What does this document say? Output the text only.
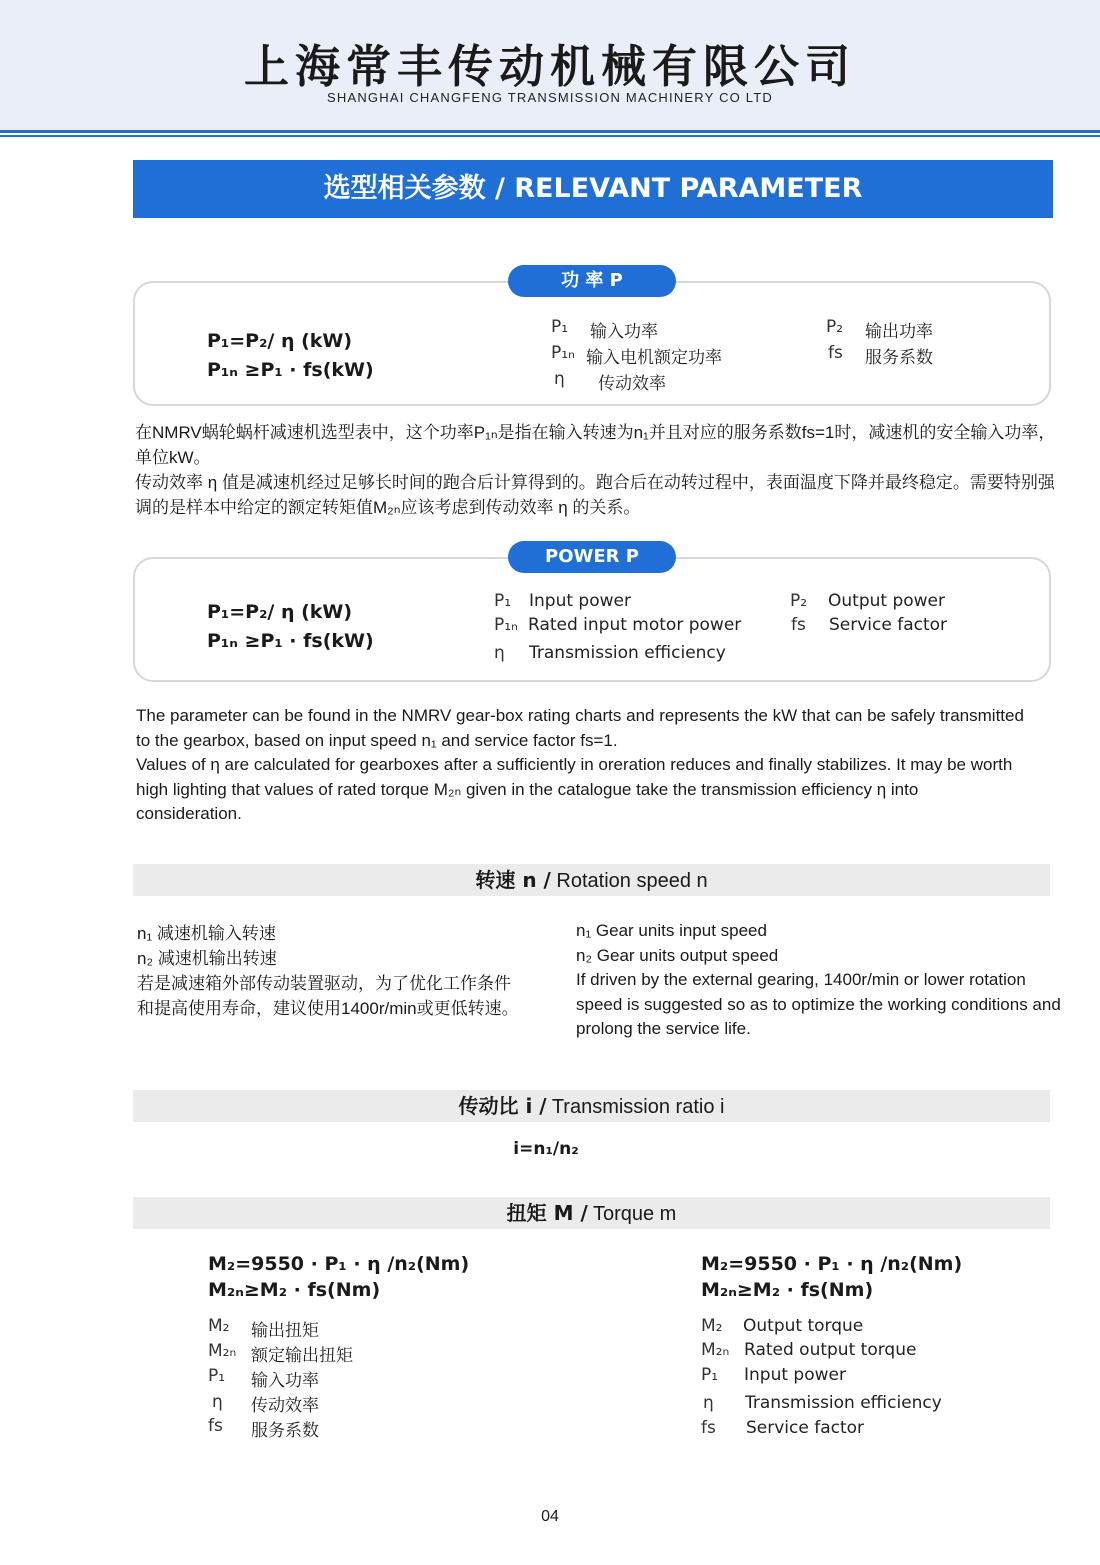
上海常丰传动机械有限公司
SHANGHAI CHANGFENG TRANSMISSION MACHINERY CO LTD
选型相关参数 / RELEVANT PARAMETER
功 率 P
P₁=P₂/ η (kW)
P₁ₙ ≥P₁ · fs(kW)
P₁ 输入功率
P₁ₙ 输入电机额定功率
η 传动效率
P₂ 输出功率
fs 服务系数

在NMRV蜗轮蜗杆减速机选型表中，这个功率P₁ₙ是指在输入转速为n₁并且对应的服务系数fs=1时，减速机的安全输入功率，单位kW。

传动效率 η 值是减速机经过足够长时间的跑合后计算得到的。跑合后在动转过程中，表面温度下降并最终稳定。需要特别强调的是样本中给定的额定转矩值M₂ₙ应该考虑到传动效率 η 的关系。

POWER P
P₁=P₂/ η (kW)
P₁ₙ ≥P₁ · fs(kW)
P₁ Input power
P₁ₙ Rated input motor power
η Transmission efficiency
P₂ Output power
fs Service factor

The parameter can be found in the NMRV gear-box rating charts and represents the kW that can be safely transmitted to the gearbox, based on input speed n₁ and service factor fs=1.

Values of η are calculated for gearboxes after a sufficiently in oreration reduces and finally stabilizes. It may be worth high lighting that values of rated torque M₂ₙ given in the catalogue take the transmission efficiency η into consideration.

转速 n / Rotation speed n

n₁ 减速机输入转速

n₂ 减速机输出转速

若是减速箱外部传动装置驱动，为了优化工作条件

和提高使用寿命，建议使用1400r/min或更低转速。

n₁ Gear units input speed

n₂ Gear units output speed

If driven by the external gearing, 1400r/min or lower rotation speed is suggested so as to optimize the working conditions and prolong the service life.

传动比 i / Transmission ratio i
i=n₁/n₂
扭矩 M / Torque m
M₂=9550 · P₁ · η /n₂(Nm)
M₂ₙ≥M₂ · fs(Nm)
M₂=9550 · P₁ · η /n₂(Nm)
M₂ₙ≥M₂ · fs(Nm)
M₂ 输出扭矩
M₂ₙ 额定输出扭矩
P₁ 输入功率
η 传动效率
fs 服务系数
M₂ Output torque
M₂ₙ Rated output torque
P₁ Input power
η Transmission efficiency
fs Service factor
04
